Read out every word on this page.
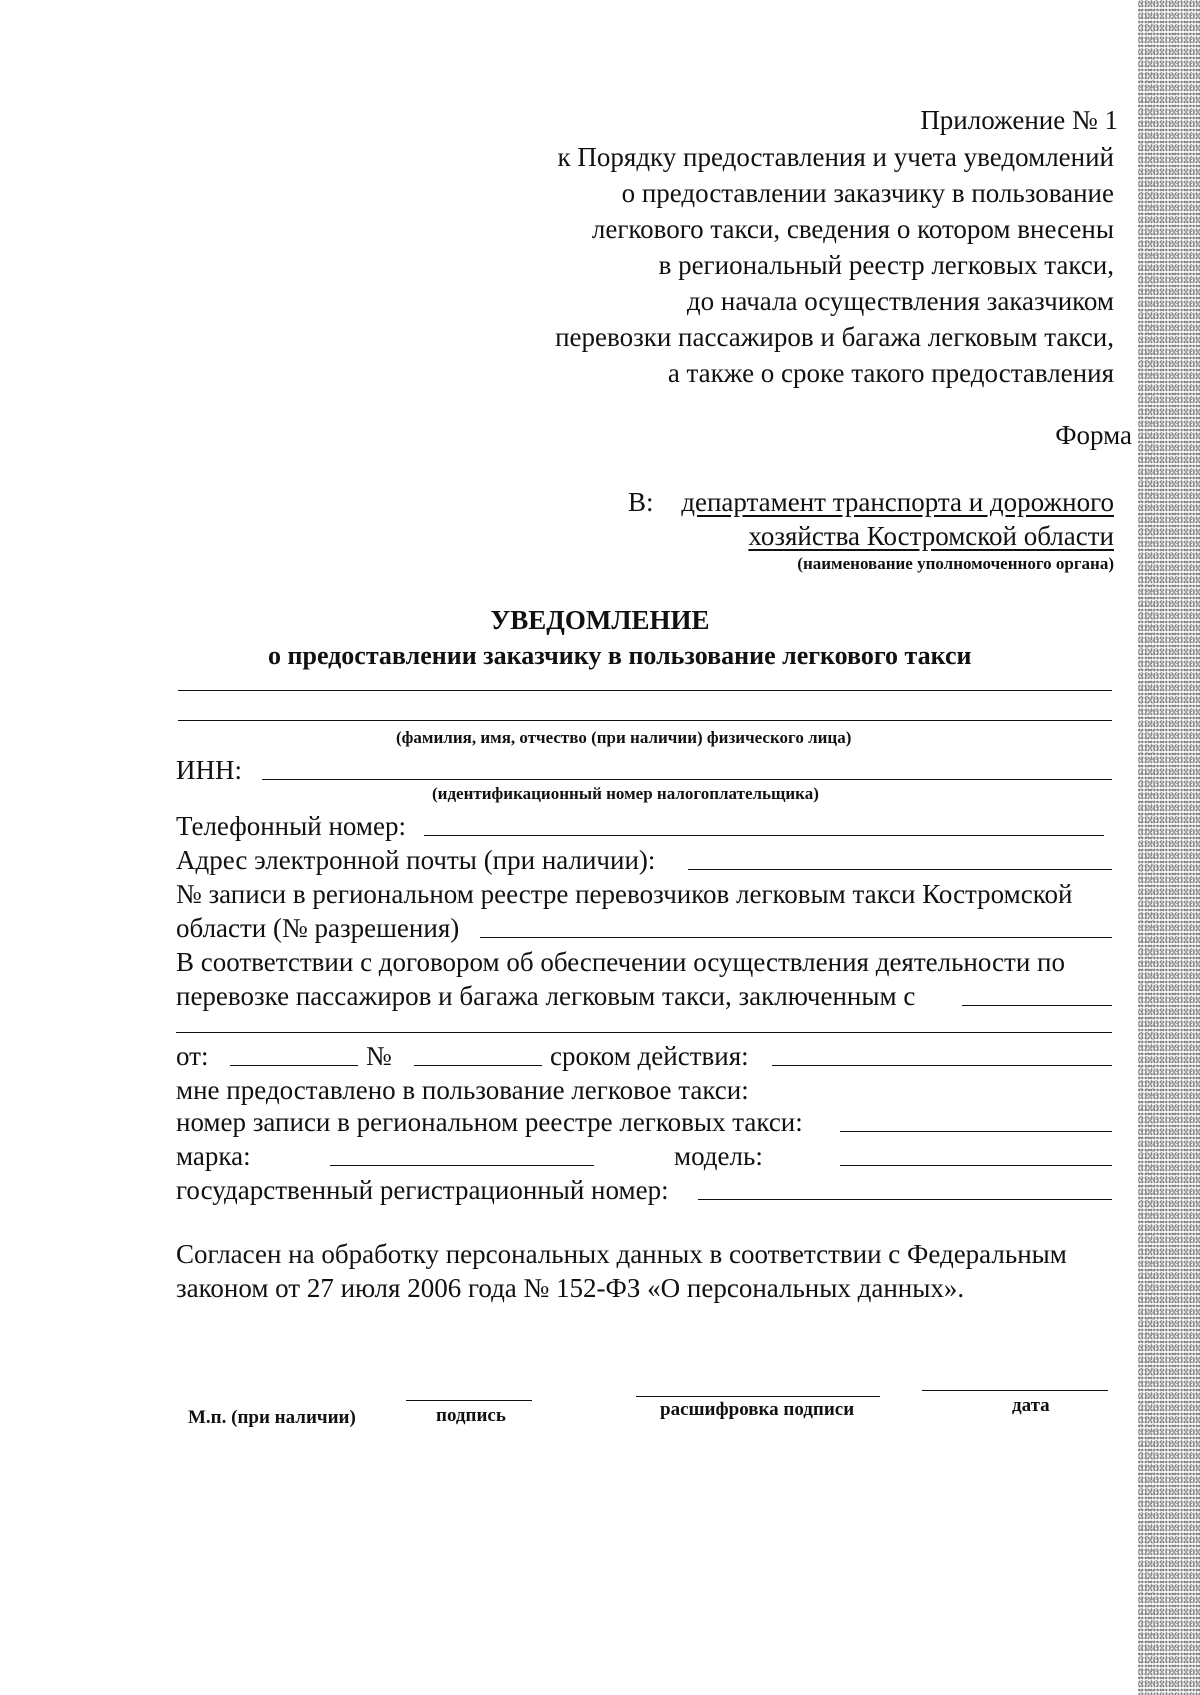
Приложение № 1
к Порядку предоставления и учета уведомлений
о предоставлении заказчику в пользование
легкового такси, сведения о котором внесены
в региональный реестр легковых такси,
до начала осуществления заказчиком
перевозки пассажиров и багажа легковым такси,
а также о сроке такого предоставления
Форма
В: департамент транспорта и дорожного
хозяйства Костромской области
(наименование уполномоченного органа)
УВЕДОМЛЕНИЕ
о предоставлении заказчику в пользование легкового такси
(фамилия, имя, отчество (при наличии) физического лица)
ИНН:
(идентификационный номер налогоплательщика)
Телефонный номер:
Адрес электронной почты (при наличии):
№ записи в региональном реестре перевозчиков легковым такси Костромской
области (№ разрешения)
В соответствии с договором об обеспечении осуществления деятельности по
перевозке пассажиров и багажа легковым такси, заключенным с
от:	№	сроком действия:
мне предоставлено в пользование легковое такси:
номер записи в региональном реестре легковых такси:
марка:	модель:
государственный регистрационный номер:
Согласен на обработку персональных данных в соответствии с Федеральным
законом от 27 июля 2006 года № 152-ФЗ «О персональных данных».
М.п. (при наличии)	подпись	расшифровка подписи	дата
